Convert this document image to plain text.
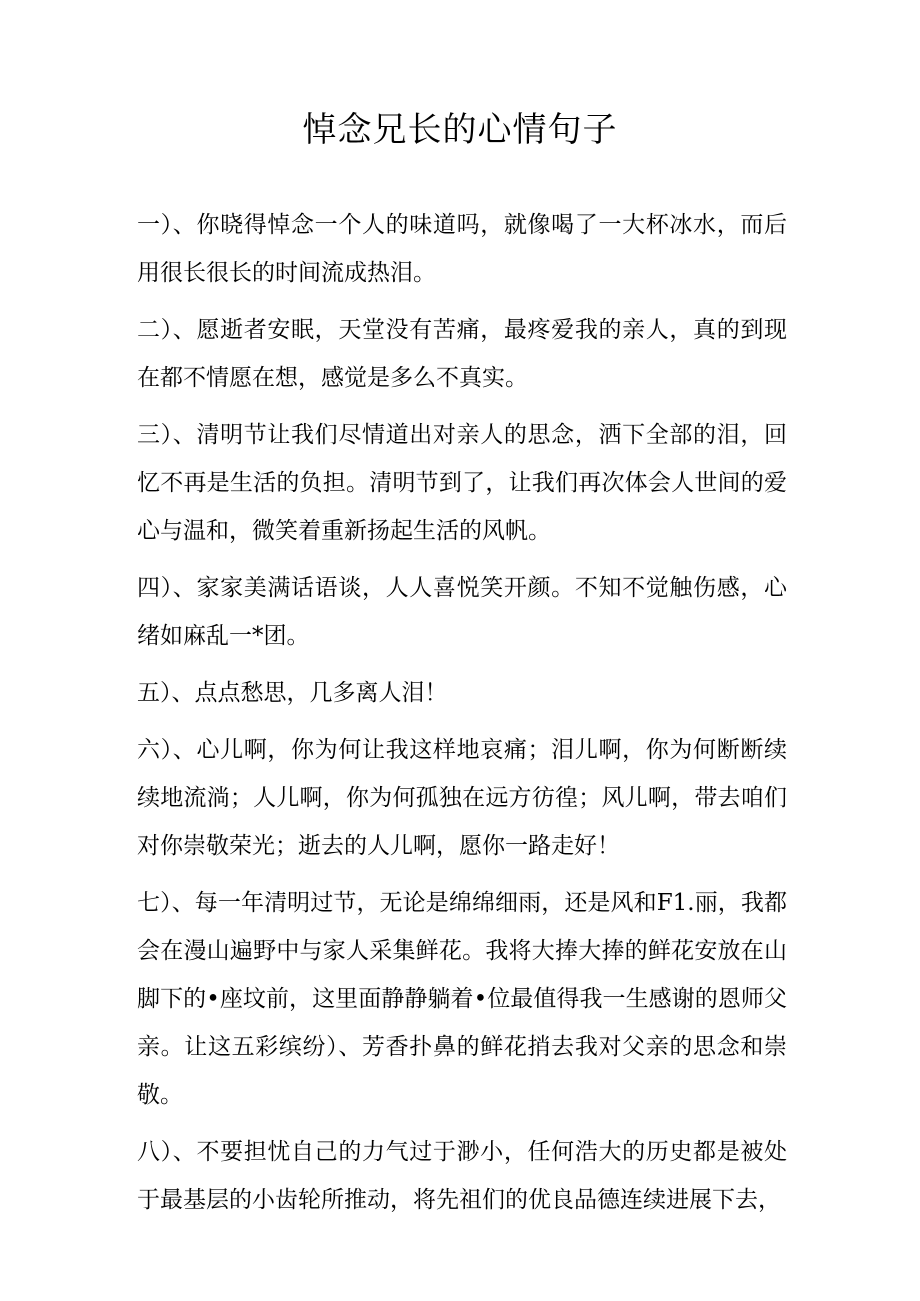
悼念兄长的心情句子

一）、你晓得悼念一个人的味道吗，就像喝了一大杯冰水，而后用很长很长的时间流成热泪。

二）、愿逝者安眠，天堂没有苦痛，最疼爱我的亲人，真的到现在都不情愿在想，感觉是多么不真实。

三）、清明节让我们尽情道出对亲人的思念，洒下全部的泪，回忆不再是生活的负担。清明节到了，让我们再次体会人世间的爱心与温和，微笑着重新扬起生活的风帆。

四）、家家美满话语谈，人人喜悦笑开颜。不知不觉触伤感，心绪如麻乱一*团。

五）、点点愁思，几多离人泪！

六）、心儿啊，你为何让我这样地哀痛；泪儿啊，你为何断断续续地流淌；人儿啊，你为何孤独在远方彷徨；风儿啊，带去咱们对你崇敬荣光；逝去的人儿啊，愿你一路走好！

七）、每一年清明过节，无论是绵绵细雨，还是风和F1.丽，我都会在漫山遍野中与家人采集鲜花。我将大捧大捧的鲜花安放在山脚下的•座坟前，这里面静静躺着•位最值得我一生感谢的恩师父亲。让这五彩缤纷）、芳香扑鼻的鲜花捎去我对父亲的思念和崇敬。

八）、不要担忧自己的力气过于渺小，任何浩大的历史都是被处于最基层的小齿轮所推动，将先祖们的优良品德连续进展下去，
